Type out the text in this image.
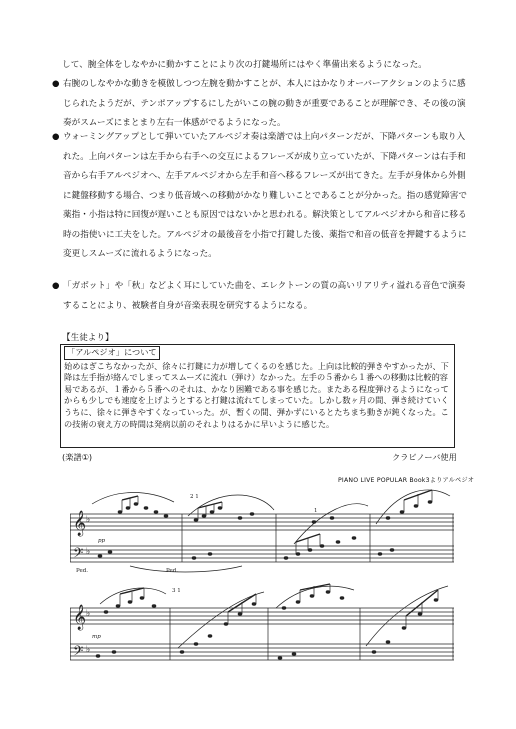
して、腕全体をしなやかに動かすことにより次の打鍵場所にはやく準備出来るようになった。
● 右腕のしなやかな動きを模倣しつつ左腕を動かすことが、本人にはかなりオーバーアクションのように感じられたようだが、テンポアップするにしたがいこの腕の動きが重要であることが理解でき、その後の演奏がスムーズにまとまり左右一体感がでるようになった。
● ウォーミングアップとして弾いていたアルペジオ奏は楽譜では上向パターンだが、下降パターンも取り入れた。上向パターンは左手から右手への交互によるフレーズが成り立っていたが、下降パターンは右手和音から右手アルペジオへ、左手アルペジオから左手和音へ移るフレーズが出てきた。左手が身体から外側に鍵盤移動する場合、つまり低音域への移動がかなり難しいことであることが分かった。指の感覚障害で薬指・小指は特に回復が遅いことも原因ではないかと思われる。解決策としてアルペジオから和音に移る時の指使いに工夫をした。アルペジオの最後音を小指で打鍵した後、薬指で和音の低音を押鍵するように変更しスムーズに流れるようになった。
● 「ガボット」や「秋」などよく耳にしていた曲を、エレクトーンの質の高いリアリティ溢れる音色で演奏することにより、被験者自身が音楽表現を研究するようになる。
【生徒より】
「アルペジオ」について
始めはぎこちなかったが、徐々に打鍵に力が増してくるのを感じた。上向は比較的弾きやすかったが、下降は左手指が絡んでしまってスムーズに流れ（弾け）なかった。左手の５番から１番への移動は比較的容易であるが、１番から５番へのそれは、かなり困難である事を感じた。またある程度弾けるようになってからも少しでも速度を上げようとすると打鍵は流れてしまっていた。しかし数ヶ月の間、弾き続けていくうちに、徐々に弾きやすくなっていった。が、暫くの間、弾かずにいるとたちまち動きが鈍くなった。この技術の衰え方の時間は発病以前のそれよりはるかに早いように感じた。
(楽譜①)	クラビノーバ使用
PIANO LIVE POPULAR Book3よりアルペジオ
𝄞
𝄢
♭
♭
2 1
1
pp
Ped.	Ped.
𝄞
𝄢
♭
♭
3 1
mp
